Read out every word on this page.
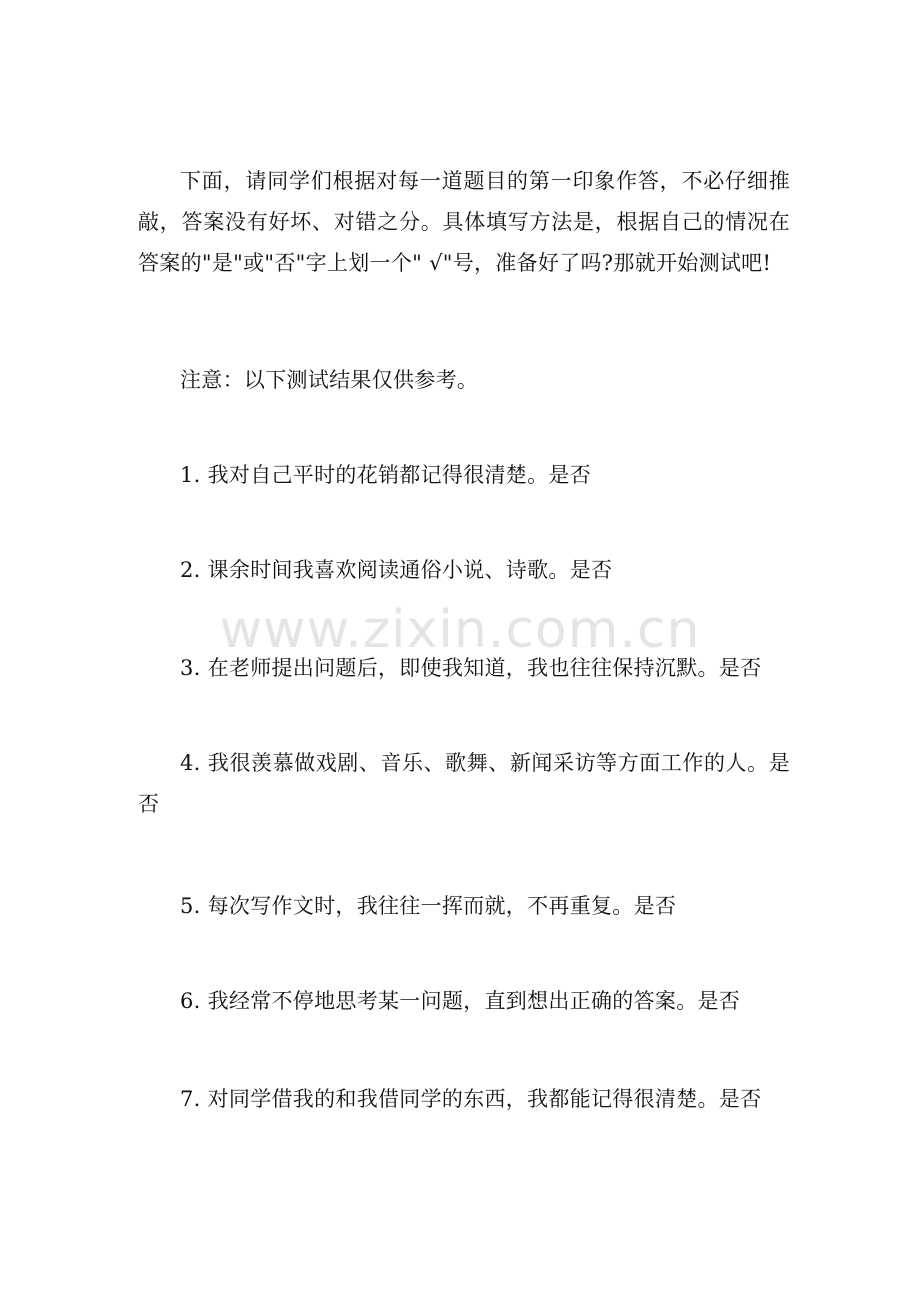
下面，请同学们根据对每一道题目的第一印象作答，不必仔细推敲，答案没有好坏、对错之分。具体填写方法是，根据自己的情况在答案的"是"或"否"字上划一个" √"号，准备好了吗?那就开始测试吧!

注意：以下测试结果仅供参考。

1. 我对自己平时的花销都记得很清楚。是否

2. 课余时间我喜欢阅读通俗小说、诗歌。是否

3. 在老师提出问题后，即使我知道，我也往往保持沉默。是否

4. 我很羡慕做戏剧、音乐、歌舞、新闻采访等方面工作的人。是否

5. 每次写作文时，我往往一挥而就，不再重复。是否

6. 我经常不停地思考某一问题，直到想出正确的答案。是否

7. 对同学借我的和我借同学的东西，我都能记得很清楚。是否

www.zixin.com.cn
